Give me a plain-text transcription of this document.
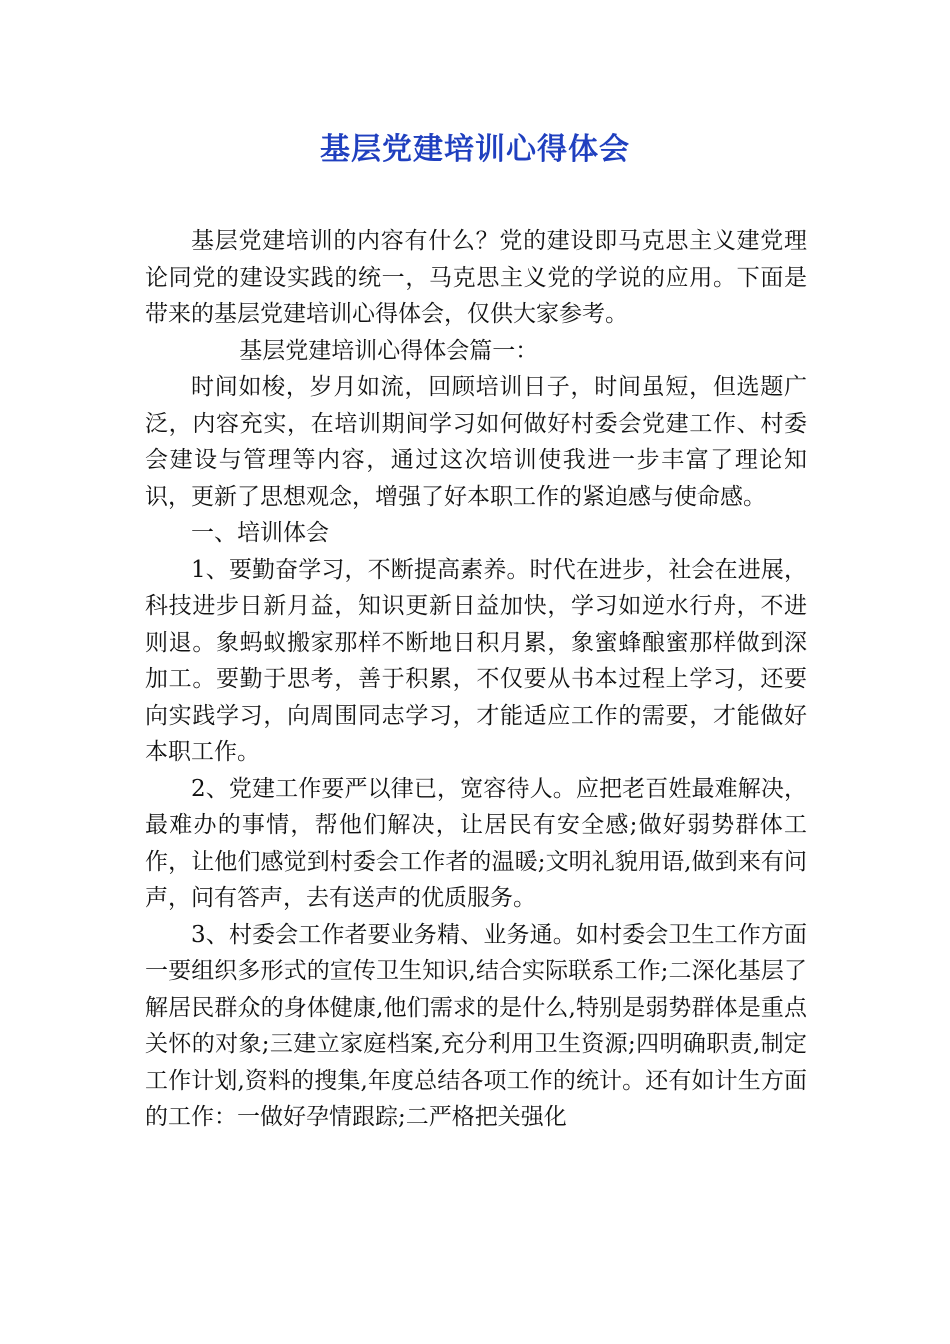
基层党建培训心得体会

基层党建培训的内容有什么？党的建设即马克思主义建党理论同党的建设实践的统一，马克思主义党的学说的应用。下面是带来的基层党建培训心得体会，仅供大家参考。

基层党建培训心得体会篇一：

时间如梭，岁月如流，回顾培训日子，时间虽短，但选题广泛，内容充实，在培训期间学习如何做好村委会党建工作、村委会建设与管理等内容，通过这次培训使我进一步丰富了理论知识，更新了思想观念，增强了好本职工作的紧迫感与使命感。

一、培训体会

1、要勤奋学习，不断提高素养。时代在进步，社会在进展，科技进步日新月益，知识更新日益加快，学习如逆水行舟，不进则退。象蚂蚁搬家那样不断地日积月累，象蜜蜂酿蜜那样做到深加工。要勤于思考，善于积累，不仅要从书本过程上学习，还要向实践学习，向周围同志学习，才能适应工作的需要，才能做好本职工作。

2、党建工作要严以律已，宽容待人。应把老百姓最难解决，最难办的事情，帮他们解决，让居民有安全感;做好弱势群体工作，让他们感觉到村委会工作者的温暖;文明礼貌用语,做到来有问声，问有答声，去有送声的优质服务。

3、村委会工作者要业务精、业务通。如村委会卫生工作方面一要组织多形式的宣传卫生知识,结合实际联系工作;二深化基层了解居民群众的身体健康,他们需求的是什么,特别是弱势群体是重点关怀的对象;三建立家庭档案,充分利用卫生资源;四明确职责,制定工作计划,资料的搜集,年度总结各项工作的统计。还有如计生方面的工作：一做好孕情跟踪;二严格把关强化
